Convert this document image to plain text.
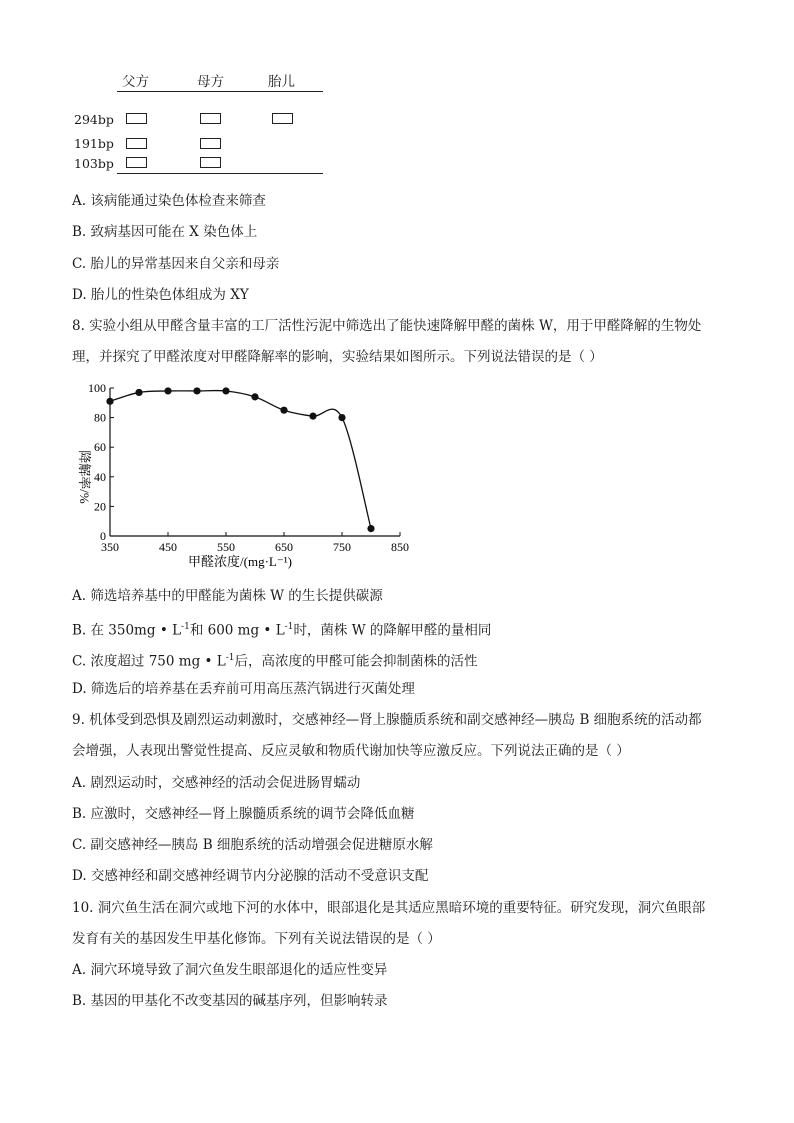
父方	母方	胎儿
294bp
191bp
103bp
A. 该病能通过染色体检查来筛查
B. 致病基因可能在 X 染色体上
C. 胎儿的异常基因来自父亲和母亲
D. 胎儿的性染色体组成为 XY
8. 实验小组从甲醛含量丰富的工厂活性污泥中筛选出了能快速降解甲醛的菌株 W，用于甲醛降解的生物处
理，并探究了甲醛浓度对甲醛降解率的影响，实验结果如图所示。下列说法错误的是（ ）
350	450	550	650	750	850
0
20
40
60
80
100
甲醛浓度/(mg·L⁻¹)
降解率/%
A. 筛选培养基中的甲醛能为菌株 W 的生长提供碳源
B. 在 350mg • $L^{-1}$和 600 mg • $L^{-1}$时，菌株 W 的降解甲醛的量相同
C. 浓度超过 750 mg • $L^{-1}$后，高浓度的甲醛可能会抑制菌株的活性
D. 筛选后的培养基在丢弃前可用高压蒸汽锅进行灭菌处理
9. 机体受到恐惧及剧烈运动刺激时，交感神经—肾上腺髓质系统和副交感神经—胰岛 B 细胞系统的活动都
会增强，人表现出警觉性提高、反应灵敏和物质代谢加快等应激反应。下列说法正确的是（ ）
A. 剧烈运动时，交感神经的活动会促进肠胃蠕动
B. 应激时，交感神经—肾上腺髓质系统的调节会降低血糖
C. 副交感神经—胰岛 B 细胞系统的活动增强会促进糖原水解
D. 交感神经和副交感神经调节内分泌腺的活动不受意识支配
10. 洞穴鱼生活在洞穴或地下河的水体中，眼部退化是其适应黑暗环境的重要特征。研究发现，洞穴鱼眼部
发育有关的基因发生甲基化修饰。下列有关说法错误的是（ ）
A. 洞穴环境导致了洞穴鱼发生眼部退化的适应性变异
B. 基因的甲基化不改变基因的碱基序列，但影响转录
